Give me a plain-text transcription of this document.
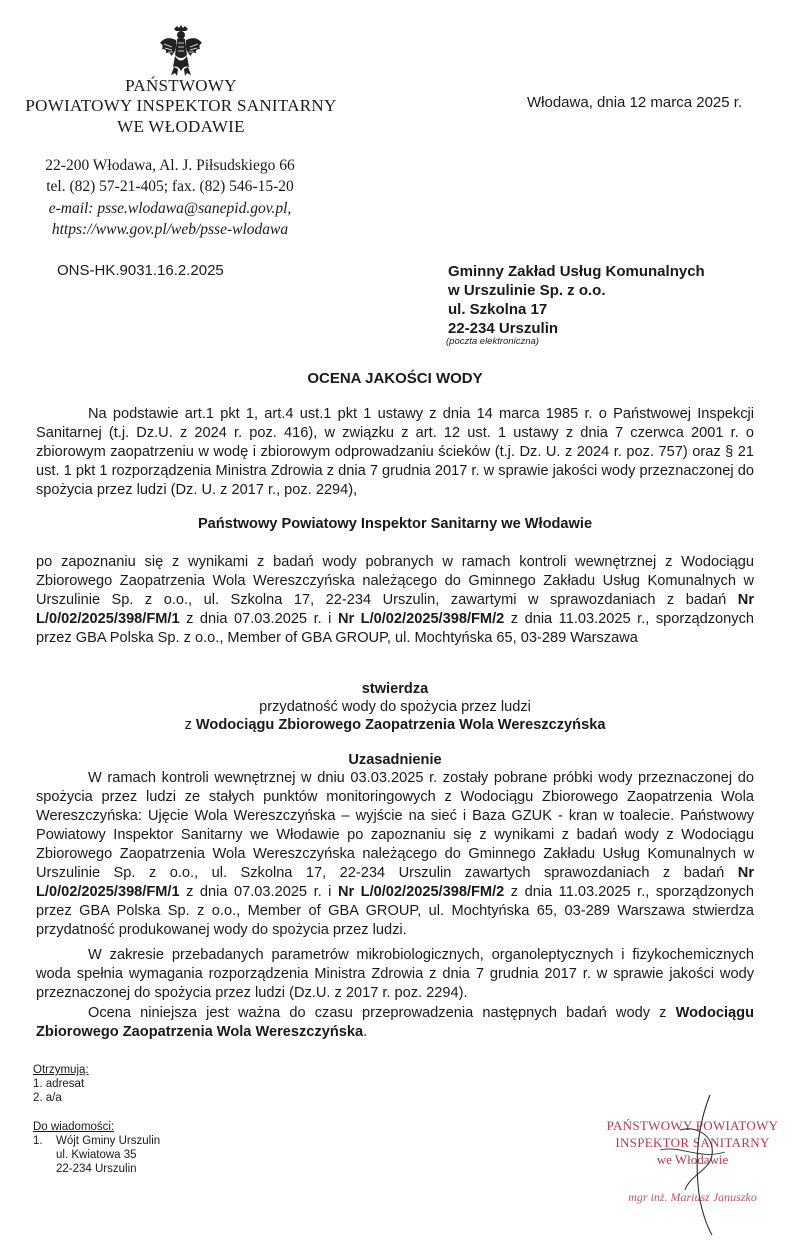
PAŃSTWOWY
POWIATOWY INSPEKTOR SANITARNY
WE WŁODAWIE
22-200 Włodawa, Al. J. Piłsudskiego 66
tel. (82) 57-21-405; fax. (82) 546-15-20
e-mail: psse.wlodawa@sanepid.gov.pl,
https://www.gov.pl/web/psse-wlodawa
Włodawa, dnia 12 marca 2025 r.
ONS-HK.9031.16.2.2025	Gminny Zakład Usług Komunalnych
w Urszulinie Sp. z o.o.
ul. Szkolna 17
22-234 Urszulin
(poczta elektroniczna)
OCENA JAKOŚCI WODY
Na podstawie art.1 pkt 1, art.4 ust.1 pkt 1 ustawy z dnia 14 marca 1985 r. o Państwowej Inspekcji Sanitarnej (t.j. Dz.U. z 2024 r. poz. 416), w związku z art. 12 ust. 1 ustawy z dnia 7 czerwca 2001 r. o zbiorowym zaopatrzeniu w wodę i zbiorowym odprowadzaniu ścieków (t.j. Dz. U. z 2024 r. poz. 757) oraz § 21 ust. 1 pkt 1 rozporządzenia Ministra Zdrowia z dnia 7 grudnia 2017 r. w sprawie jakości wody przeznaczonej do spożycia przez ludzi (Dz. U. z 2017 r., poz. 2294),
Państwowy Powiatowy Inspektor Sanitarny we Włodawie
po zapoznaniu się z wynikami z badań wody pobranych w ramach kontroli wewnętrznej z Wodociągu Zbiorowego Zaopatrzenia Wola Wereszczyńska należącego do Gminnego Zakładu Usług Komunalnych w Urszulinie Sp. z o.o., ul. Szkolna 17, 22-234 Urszulin, zawartymi w sprawozdaniach z badań Nr L/0/02/2025/398/FM/1 z dnia 07.03.2025 r. i Nr L/0/02/2025/398/FM/2 z dnia 11.03.2025 r., sporządzonych przez GBA Polska Sp. z o.o., Member of GBA GROUP, ul. Mochtyńska 65, 03-289 Warszawa
stwierdza
przydatność wody do spożycia przez ludzi
z Wodociągu Zbiorowego Zaopatrzenia Wola Wereszczyńska
Uzasadnienie
W ramach kontroli wewnętrznej w dniu 03.03.2025 r. zostały pobrane próbki wody przeznaczonej do spożycia przez ludzi ze stałych punktów monitoringowych z Wodociągu Zbiorowego Zaopatrzenia Wola Wereszczyńska: Ujęcie Wola Wereszczyńska – wyjście na sieć i Baza GZUK - kran w toalecie. Państwowy Powiatowy Inspektor Sanitarny we Włodawie po zapoznaniu się z wynikami z badań wody z Wodociągu Zbiorowego Zaopatrzenia Wola Wereszczyńska należącego do Gminnego Zakładu Usług Komunalnych w Urszulinie Sp. z o.o., ul. Szkolna 17, 22-234 Urszulin zawartych sprawozdaniach z badań Nr L/0/02/2025/398/FM/1 z dnia 07.03.2025 r. i Nr L/0/02/2025/398/FM/2 z dnia 11.03.2025 r., sporządzonych przez GBA Polska Sp. z o.o., Member of GBA GROUP, ul. Mochtyńska 65, 03-289 Warszawa stwierdza przydatność produkowanej wody do spożycia przez ludzi.
W zakresie przebadanych parametrów mikrobiologicznych, organoleptycznych i fizykochemicznych woda spełnia wymagania rozporządzenia Ministra Zdrowia z dnia 7 grudnia 2017 r. w sprawie jakości wody przeznaczonej do spożycia przez ludzi (Dz.U. z 2017 r. poz. 2294).
Ocena niniejsza jest ważna do czasu przeprowadzenia następnych badań wody z Wodociągu Zbiorowego Zaopatrzenia Wola Wereszczyńska.
Otrzymują:
1. adresat
2. a/a
Do wiadomości:
1. Wójt Gminy Urszulin
ul. Kwiatowa 35
22-234 Urszulin
PAŃSTWOWY POWIATOWY
INSPEKTOR SANITARNY
we Włodawie
mgr inż. Mariusz Januszko
